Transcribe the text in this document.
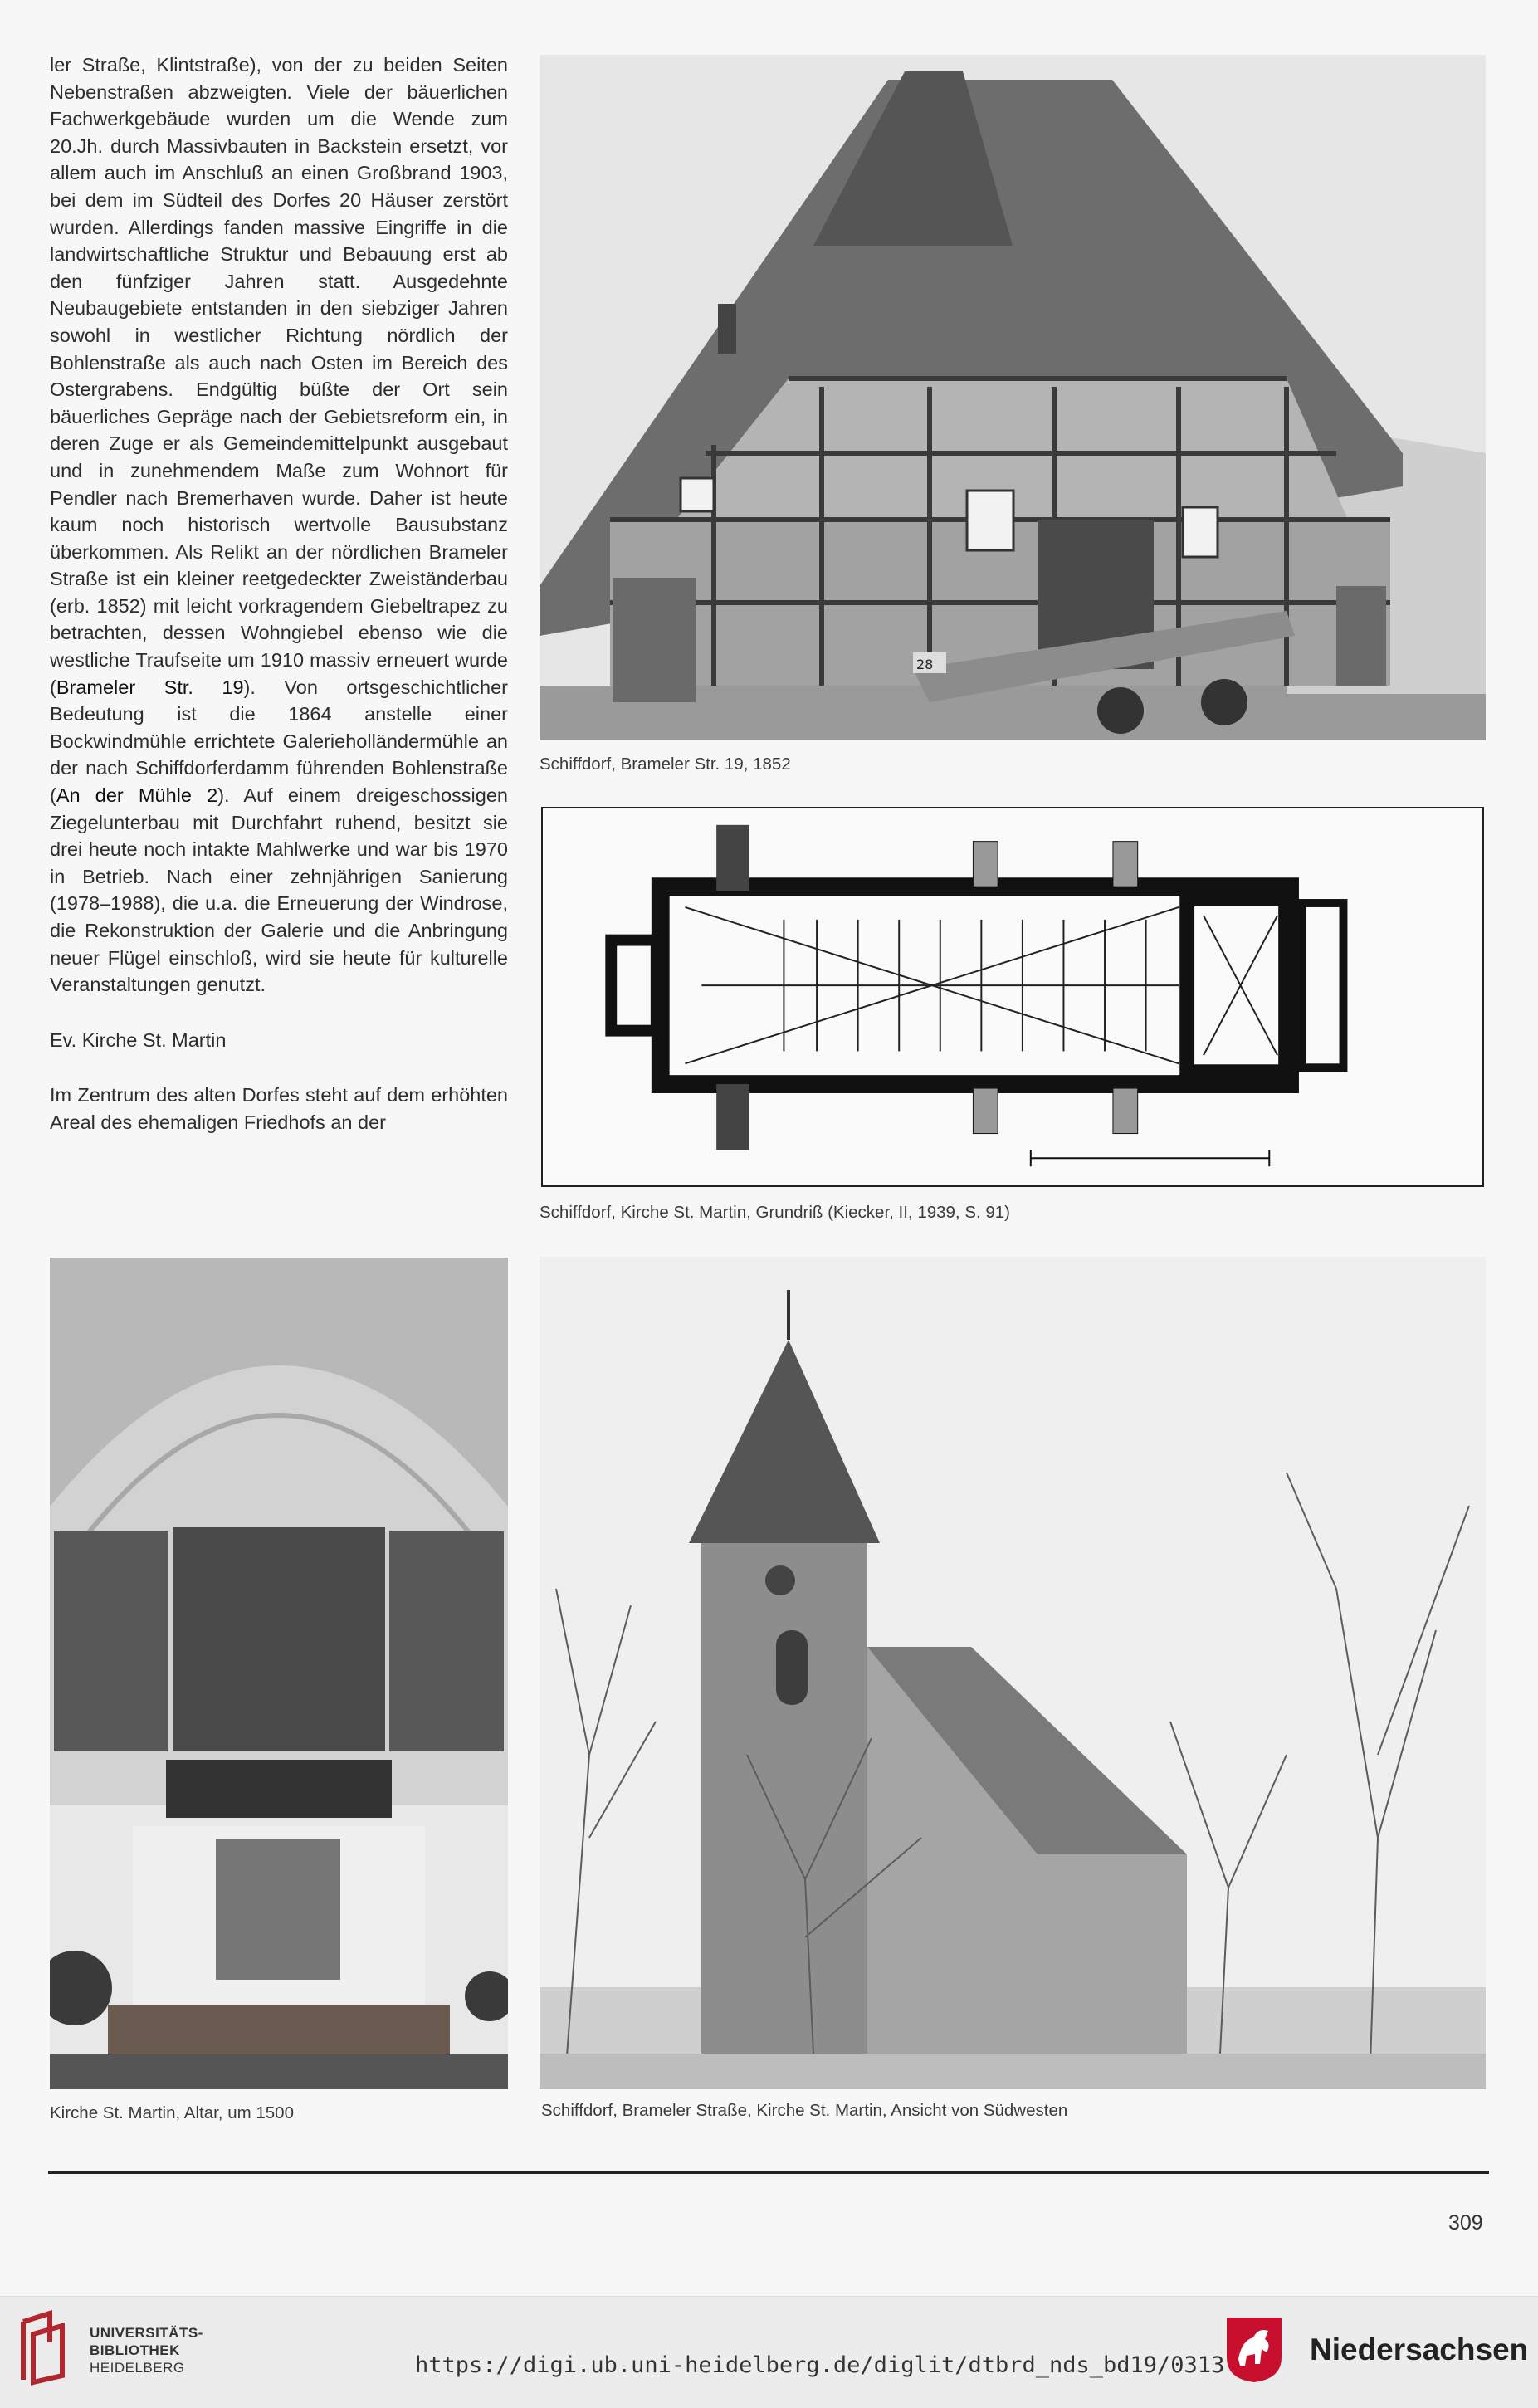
ler Straße, Klintstraße), von der zu beiden Seiten Nebenstraßen abzweigten. Viele der bäuerlichen Fachwerkgebäude wurden um die Wende zum 20.Jh. durch Massivbauten in Backstein ersetzt, vor allem auch im Anschluß an einen Großbrand 1903, bei dem im Südteil des Dorfes 20 Häuser zerstört wurden. Allerdings fanden massive Eingriffe in die landwirtschaftliche Struktur und Bebauung erst ab den fünfziger Jahren statt. Ausgedehnte Neubaugebiete entstanden in den siebziger Jahren sowohl in westlicher Richtung nördlich der Bohlenstraße als auch nach Osten im Bereich des Ostergrabens. Endgültig büßte der Ort sein bäuerliches Gepräge nach der Gebietsreform ein, in deren Zuge er als Gemeindemittelpunkt ausgebaut und in zunehmendem Maße zum Wohnort für Pendler nach Bremerhaven wurde. Daher ist heute kaum noch historisch wertvolle Bausubstanz überkommen. Als Relikt an der nördlichen Brameler Straße ist ein kleiner reetgedeckter Zweiständerbau (erb. 1852) mit leicht vorkragendem Giebeltrapez zu betrachten, dessen Wohngiebel ebenso wie die westliche Traufseite um 1910 massiv erneuert wurde (Brameler Str. 19). Von ortsgeschichtlicher Bedeutung ist die 1864 anstelle einer Bockwindmühle errichtete Galerieholländermühle an der nach Schiffdorferdamm führenden Bohlenstraße (An der Mühle 2). Auf einem dreigeschossigen Ziegelunterbau mit Durchfahrt ruhend, besitzt sie drei heute noch intakte Mahlwerke und war bis 1970 in Betrieb. Nach einer zehnjährigen Sanierung (1978–1988), die u.a. die Erneuerung der Windrose, die Rekonstruktion der Galerie und die Anbringung neuer Flügel einschloß, wird sie heute für kulturelle Veranstaltungen genutzt.

Ev. Kirche St. Martin

Im Zentrum des alten Dorfes steht auf dem erhöhten Areal des ehemaligen Friedhofs an der

28
Schiffdorf, Brameler Str. 19, 1852
Schiffdorf, Kirche St. Martin, Grundriß (Kiecker, II, 1939, S. 91)
Kirche St. Martin, Altar, um 1500	Schiffdorf, Brameler Straße, Kirche St. Martin, Ansicht von Südwesten
309
UNIVERSITÄTS-
BIBLIOTHEK
HEIDELBERG	https://digi.ub.uni-heidelberg.de/diglit/dtbrd_nds_bd19/0313	Niedersachsen
